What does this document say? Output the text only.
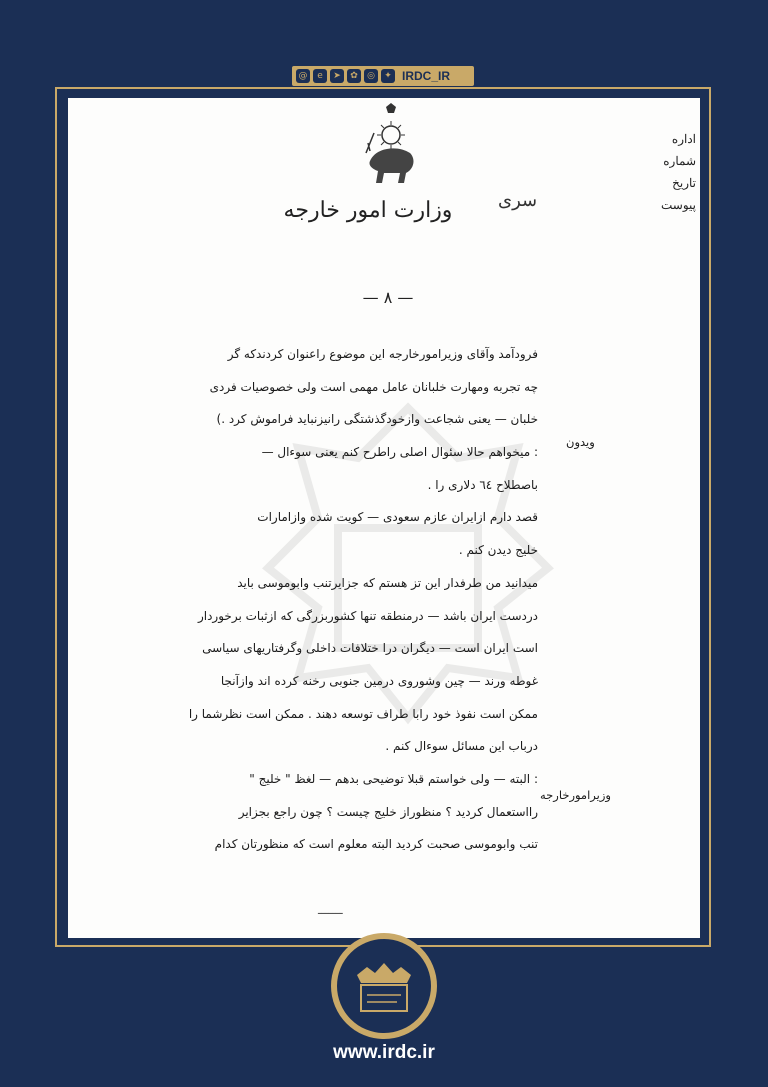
@	e	➤	✿	◎	✦ IRDC_IR
وزارت امور خارجه	سری
اداره
شماره
تاریخ
پیوست
— ۸ —
ویدون
وزیرامورخارجه
فرودآمد وآقای وزیرامورخارجه این موضوع راعنوان کردندکه گر
چه تجربه ومهارت خلبانان عامل مهمی است ولی خصوصیات فردی
خلبان — یعنی شجاعت وازخودگذشتگی رانیزنباید فراموش کرد .)
: میخواهم حالا سئوال اصلی راطرح کنم یعنی سوءال —
باصطلاح ٦٤ دلاری را .
قصد دارم ازایران عازم سعودی — کویت شده وازامارات
خلیج دیدن کنم .
میدانید من طرفدار این تز هستم که جزایرتنب وابوموسی باید
دردست ایران باشد — درمنطقه تنها کشوربزرگی که ازثبات برخوردار
است ایران است — دیگران درا ختلافات داخلی وگرفتاریهای سیاسی
غوطه ورند — چین وشوروی درمین جنوبی رخنه کرده اند وازآنجا
ممکن است نفوذ خود رابا طراف توسعه دهند . ممکن است نظرشما را
درباب این مسائل سوءال کنم .
: البته — ولی خواستم قبلا توضیحی بدهم — لغظ " خلیج "
رااستعمال کردید ؟ منظوراز خلیج چیست ؟ چون راجع بجزایر
تنب وابوموسی صحبت کردید البته معلوم است که منظورتان کدام
ـــــــ
www.irdc.ir
